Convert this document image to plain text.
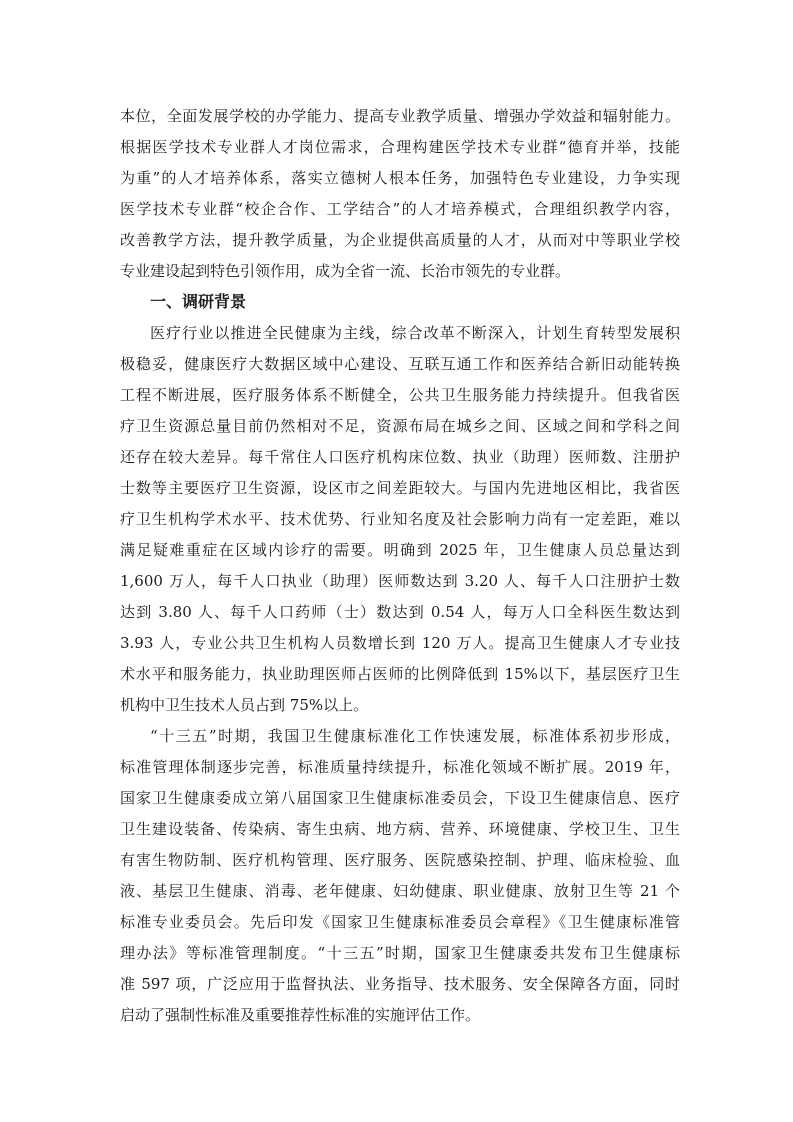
本位，全面发展学校的办学能力、提高专业教学质量、增强办学效益和辐射能力。
根据医学技术专业群人才岗位需求，合理构建医学技术专业群“德育并举，技能
为重”的人才培养体系，落实立德树人根本任务，加强特色专业建设，力争实现
医学技术专业群“校企合作、工学结合”的人才培养模式，合理组织教学内容，
改善教学方法，提升教学质量，为企业提供高质量的人才，从而对中等职业学校
专业建设起到特色引领作用，成为全省一流、长治市领先的专业群。
一、调研背景
医疗行业以推进全民健康为主线，综合改革不断深入，计划生育转型发展积
极稳妥，健康医疗大数据区域中心建设、互联互通工作和医养结合新旧动能转换
工程不断进展，医疗服务体系不断健全，公共卫生服务能力持续提升。但我省医
疗卫生资源总量目前仍然相对不足，资源布局在城乡之间、区域之间和学科之间
还存在较大差异。每千常住人口医疗机构床位数、执业（助理）医师数、注册护
士数等主要医疗卫生资源，设区市之间差距较大。与国内先进地区相比，我省医
疗卫生机构学术水平、技术优势、行业知名度及社会影响力尚有一定差距，难以
满足疑难重症在区域内诊疗的需要。明确到 2025 年，卫生健康人员总量达到
1,600 万人，每千人口执业（助理）医师数达到 3.20 人、每千人口注册护士数
达到 3.80 人、每千人口药师（士）数达到 0.54 人，每万人口全科医生数达到
3.93 人，专业公共卫生机构人员数增长到 120 万人。提高卫生健康人才专业技
术水平和服务能力，执业助理医师占医师的比例降低到 15%以下，基层医疗卫生
机构中卫生技术人员占到 75%以上。
“十三五”时期，我国卫生健康标准化工作快速发展，标准体系初步形成，
标准管理体制逐步完善，标准质量持续提升，标准化领域不断扩展。2019 年，
国家卫生健康委成立第八届国家卫生健康标准委员会，下设卫生健康信息、医疗
卫生建设装备、传染病、寄生虫病、地方病、营养、环境健康、学校卫生、卫生
有害生物防制、医疗机构管理、医疗服务、医院感染控制、护理、临床检验、血
液、基层卫生健康、消毒、老年健康、妇幼健康、职业健康、放射卫生等 21 个
标准专业委员会。先后印发《国家卫生健康标准委员会章程》《卫生健康标准管
理办法》等标准管理制度。“十三五”时期，国家卫生健康委共发布卫生健康标
准 597 项，广泛应用于监督执法、业务指导、技术服务、安全保障各方面，同时
启动了强制性标准及重要推荐性标准的实施评估工作。
